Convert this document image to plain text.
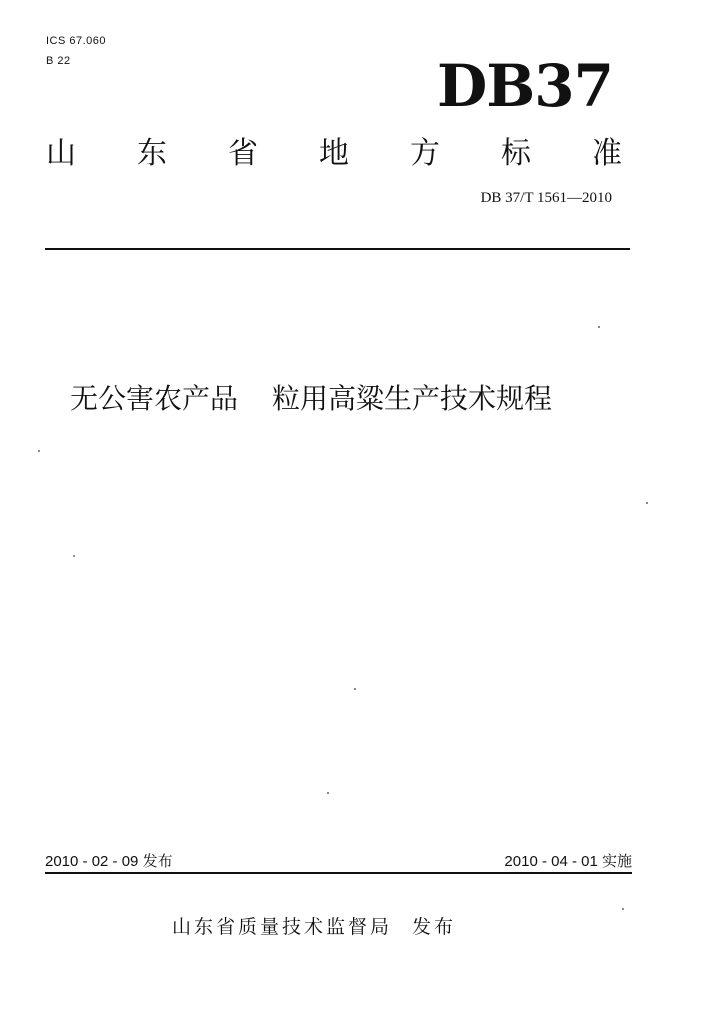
ICS 67.060
B 22	DB37
山 东 省 地 方 标 准
DB 37/T 1561—2010
无公害农产品 粒用高粱生产技术规程
2010 - 02 - 09 发布	2010 - 04 - 01 实施
山东省质量技术监督局 发布
